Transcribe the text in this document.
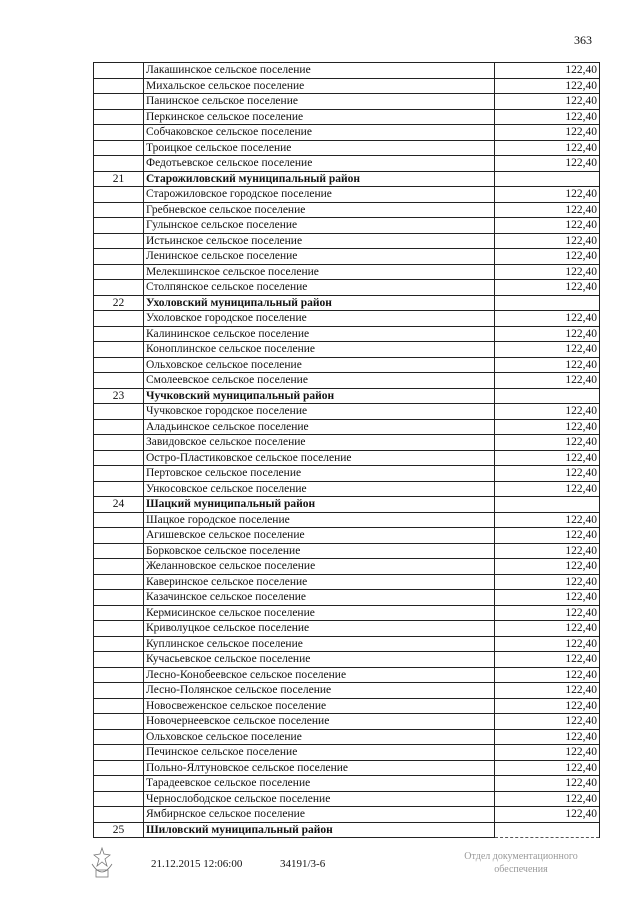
363
	Лакашинское сельское поселение	122,40
	Михальское сельское поселение	122,40
	Панинское сельское поселение	122,40
	Перкинское сельское поселение	122,40
	Собчаковское сельское поселение	122,40
	Троицкое сельское поселение	122,40
	Федотьевское сельское поселение	122,40
21	Старожиловский муниципальный район	
	Старожиловское городское поселение	122,40
	Гребневское сельское поселение	122,40
	Гулынское сельское поселение	122,40
	Истьинское сельское поселение	122,40
	Ленинское сельское поселение	122,40
	Мелекшинское сельское поселение	122,40
	Столпянское сельское поселение	122,40
22	Ухоловский муниципальный район	
	Ухоловское городское поселение	122,40
	Калининское сельское поселение	122,40
	Коноплинское сельское поселение	122,40
	Ольховское сельское поселение	122,40
	Смолеевское сельское поселение	122,40
23	Чучковский муниципальный район	
	Чучковское городское поселение	122,40
	Аладьинское сельское поселение	122,40
	Завидовское сельское поселение	122,40
	Остро-Пластиковское сельское поселение	122,40
	Пертовское сельское поселение	122,40
	Ункосовское сельское поселение	122,40
24	Шацкий муниципальный район	
	Шацкое городское поселение	122,40
	Агишевское сельское поселение	122,40
	Борковское сельское поселение	122,40
	Желанновское сельское поселение	122,40
	Каверинское сельское поселение	122,40
	Казачинское сельское поселение	122,40
	Кермисинское сельское поселение	122,40
	Криволуцкое сельское поселение	122,40
	Куплинское сельское поселение	122,40
	Кучасьевское сельское поселение	122,40
	Лесно-Конобеевское сельское поселение	122,40
	Лесно-Полянское сельское поселение	122,40
	Новосвеженское сельское поселение	122,40
	Новочернеевское сельское поселение	122,40
	Ольховское сельское поселение	122,40
	Печинское сельское поселение	122,40
	Польно-Ялтуновское сельское поселение	122,40
	Тарадеевское сельское поселение	122,40
	Чернослободское сельское поселение	122,40
	Ямбирнское сельское поселение	122,40
25	Шиловский муниципальный район	
21.12.2015 12:06:00	34191/3-6
Отдел документационного
обеспечения
